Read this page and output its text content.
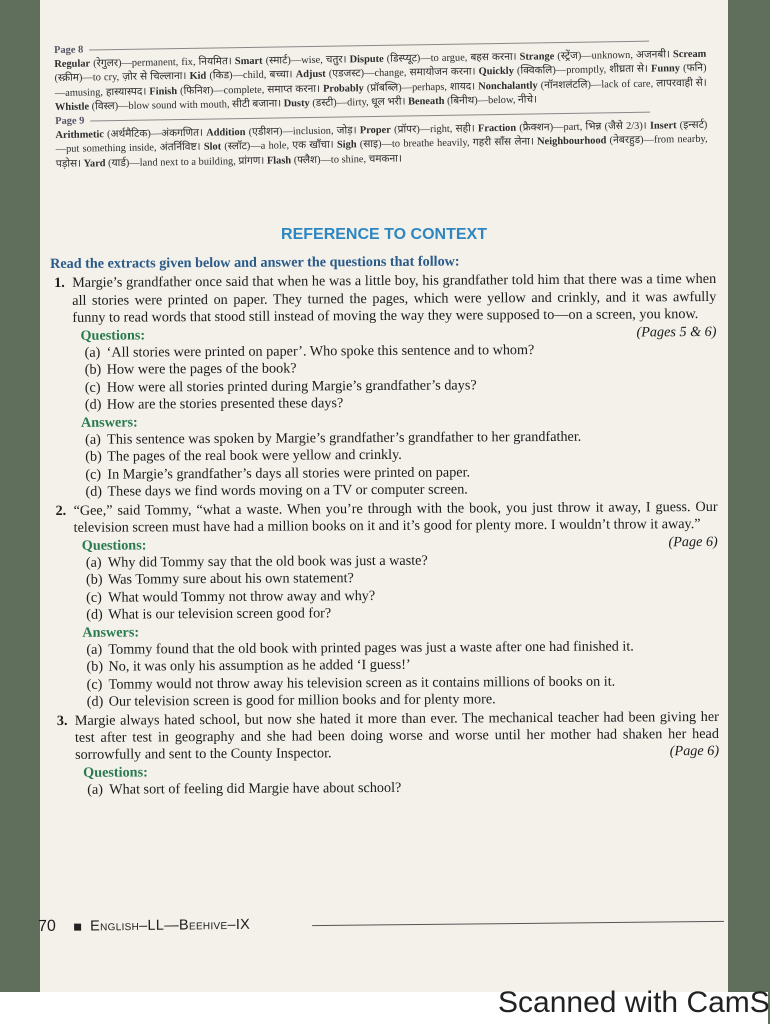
Page 8
Regular (रेगुलर)—permanent, fix, नियमित। Smart (स्मार्ट)—wise, चतुर। Dispute (डिस्प्यूट)—to argue, बहस करना। Strange (स्ट्रेंज)—unknown, अजनबी। Scream (स्क्रीम)—to cry, ज़ोर से चिल्लाना। Kid (किड)—child, बच्चा। Adjust (एडजस्ट)—change, समायोजन करना। Quickly (क्विकलि)—promptly, शीघ्रता से। Funny (फनि)—amusing, हास्यास्पद। Finish (फिनिश)—complete, समाप्त करना। Probably (प्रॉबब्लि)—perhaps, शायद। Nonchalantly (नॉनशलंटलि)—lack of care, लापरवाही से। Whistle (विस्ल)—blow sound with mouth, सीटी बजाना। Dusty (डस्टी)—dirty, धूल भरी। Beneath (बिनीथ)—below, नीचे।
Page 9
Arithmetic (अर्थमैटिक)—अंकगणित। Addition (एडीशन)—inclusion, जोड़। Proper (प्रॉपर)—right, सही। Fraction (फ्रैक्शन)—part, भिन्न (जैसे 2/3)। Insert (इन्सर्ट)—put something inside, अंतर्निविष्ट। Slot (स्लॉट)—a hole, एक खाँचा। Sigh (साइ)—to breathe heavily, गहरी साँस लेना। Neighbourhood (नेबरहुड)—from nearby, पड़ोस। Yard (यार्ड)—land next to a building, प्रांगण। Flash (फ्लैश)—to shine, चमकना।
REFERENCE TO CONTEXT
Read the extracts given below and answer the questions that follow:
1. Margie’s grandfather once said that when he was a little boy, his grandfather told him that there was a time when all stories were printed on paper. They turned the pages, which were yellow and crinkly, and it was awfully funny to read words that stood still instead of moving the way they were supposed to—on a screen, you know.
(Pages 5 & 6)
Questions:
(a) ‘All stories were printed on paper’. Who spoke this sentence and to whom?
(b) How were the pages of the book?
(c) How were all stories printed during Margie’s grandfather’s days?
(d) How are the stories presented these days?
Answers:
(a) This sentence was spoken by Margie’s grandfather’s grandfather to her grandfather.
(b) The pages of the real book were yellow and crinkly.
(c) In Margie’s grandfather’s days all stories were printed on paper.
(d) These days we find words moving on a TV or computer screen.
2. “Gee,” said Tommy, “what a waste. When you’re through with the book, you just throw it away, I guess. Our television screen must have had a million books on it and it’s good for plenty more. I wouldn’t throw it away.”
(Page 6)
Questions:
(a) Why did Tommy say that the old book was just a waste?
(b) Was Tommy sure about his own statement?
(c) What would Tommy not throw away and why?
(d) What is our television screen good for?
Answers:
(a) Tommy found that the old book with printed pages was just a waste after one had finished it.
(b) No, it was only his assumption as he added ‘I guess!’
(c) Tommy would not throw away his television screen as it contains millions of books on it.
(d) Our television screen is good for million books and for plenty more.
3. Margie always hated school, but now she hated it more than ever. The mechanical teacher had been giving her test after test in geography and she had been doing worse and worse until her mother had shaken her head sorrowfully and sent to the County Inspector.	(Page 6)
Questions:
(a) What sort of feeling did Margie have about school?
70 English–LL—Beehive–IX
Scanned with CamS
